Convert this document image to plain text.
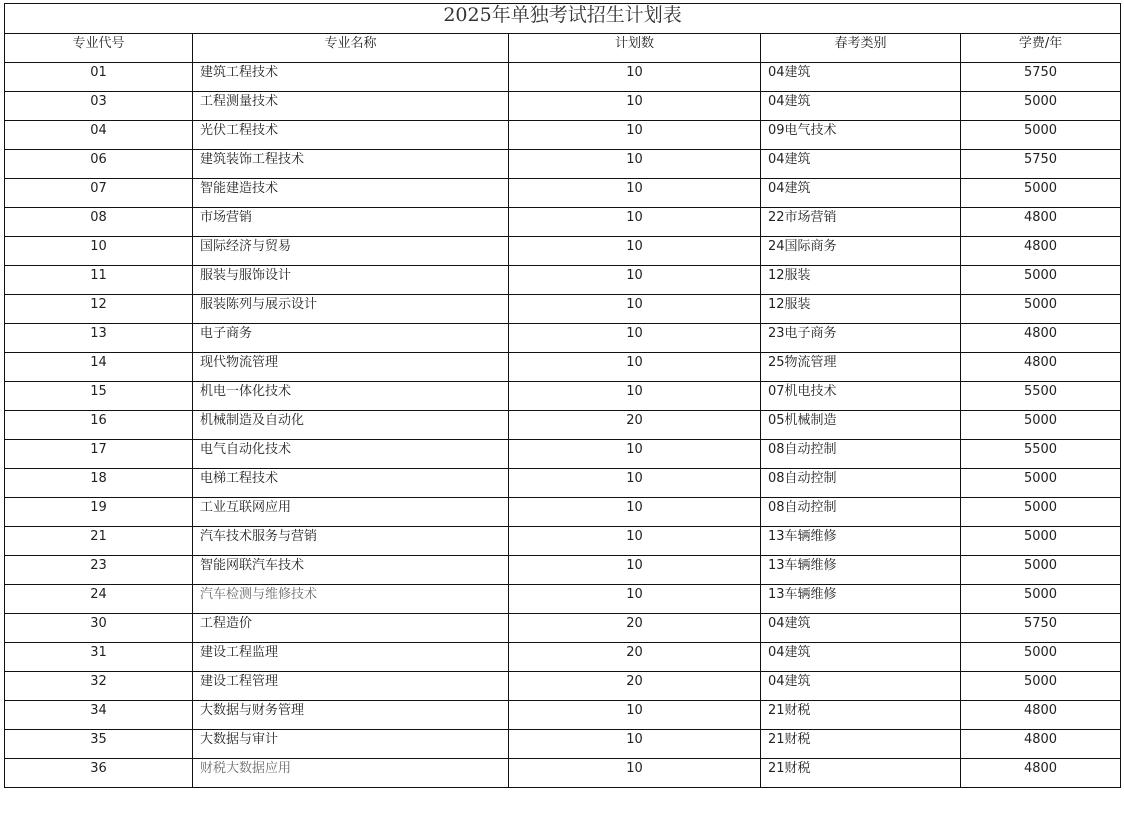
2025年单独考试招生计划表				
专业代号	专业名称	计划数	春考类别	学费/年
01	建筑工程技术	10	04建筑	5750
03	工程测量技术	10	04建筑	5000
04	光伏工程技术	10	09电气技术	5000
06	建筑装饰工程技术	10	04建筑	5750
07	智能建造技术	10	04建筑	5000
08	市场营销	10	22市场营销	4800
10	国际经济与贸易	10	24国际商务	4800
11	服装与服饰设计	10	12服装	5000
12	服装陈列与展示设计	10	12服装	5000
13	电子商务	10	23电子商务	4800
14	现代物流管理	10	25物流管理	4800
15	机电一体化技术	10	07机电技术	5500
16	机械制造及自动化	20	05机械制造	5000
17	电气自动化技术	10	08自动控制	5500
18	电梯工程技术	10	08自动控制	5000
19	工业互联网应用	10	08自动控制	5000
21	汽车技术服务与营销	10	13车辆维修	5000
23	智能网联汽车技术	10	13车辆维修	5000
24	汽车检测与维修技术	10	13车辆维修	5000
30	工程造价	20	04建筑	5750
31	建设工程监理	20	04建筑	5000
32	建设工程管理	20	04建筑	5000
34	大数据与财务管理	10	21财税	4800
35	大数据与审计	10	21财税	4800
36	财税大数据应用	10	21财税	4800
